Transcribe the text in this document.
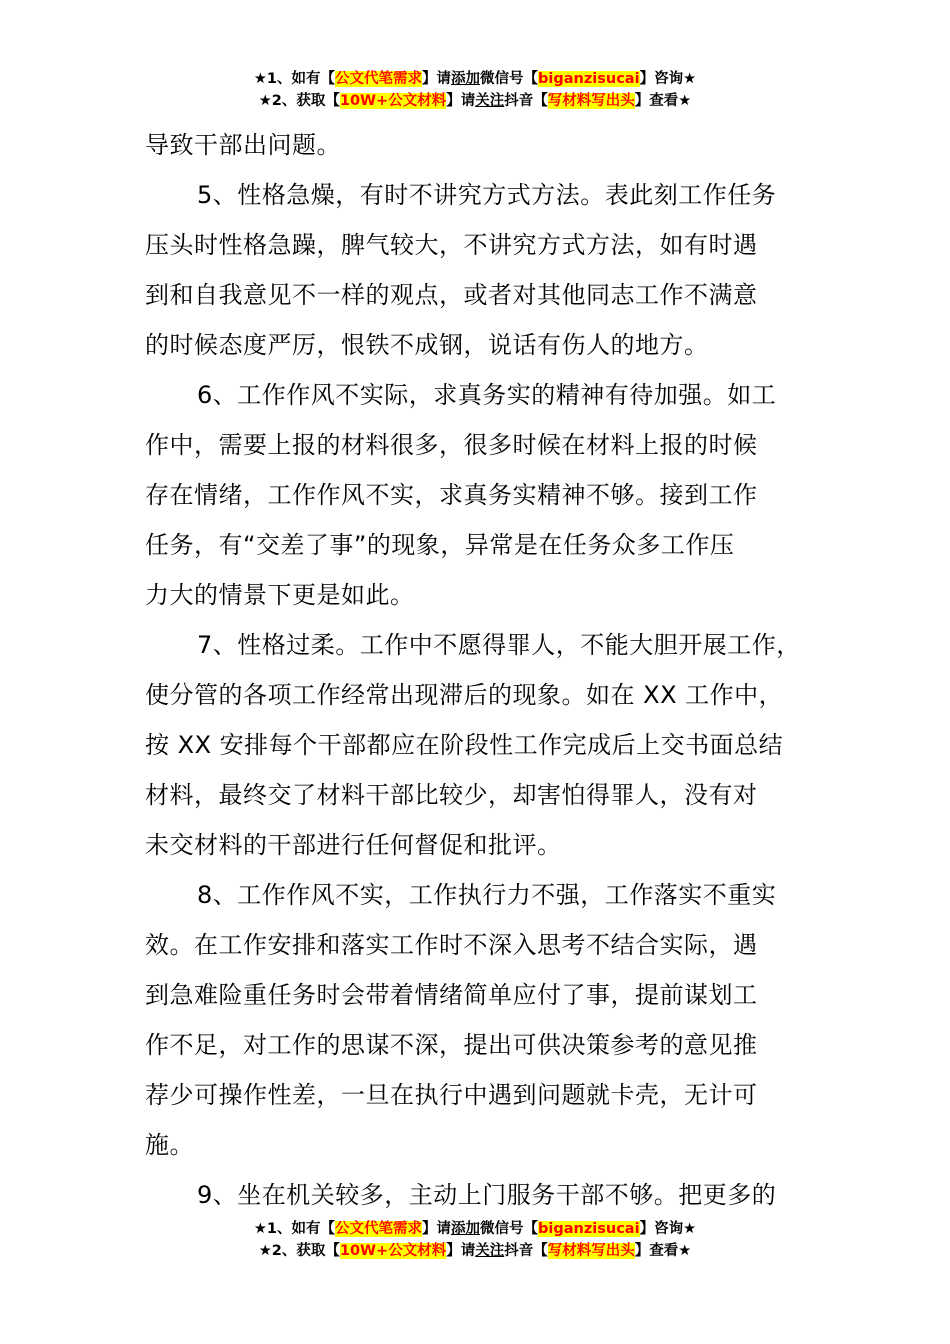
★1、如有【公文代笔需求】请添加微信号【biganzisucai】咨询★
★2、获取【10W+公文材料】请关注抖音【写材料写出头】查看★

导致干部出问题。

5、性格急燥，有时不讲究方式方法。表此刻工作任务
压头时性格急躁，脾气较大，不讲究方式方法，如有时遇
到和自我意见不一样的观点，或者对其他同志工作不满意
的时候态度严厉，恨铁不成钢，说话有伤人的地方。

6、工作作风不实际，求真务实的精神有待加强。如工
作中，需要上报的材料很多，很多时候在材料上报的时候
存在情绪，工作作风不实，求真务实精神不够。接到工作
任务，有“交差了事”的现象，异常是在任务众多工作压
力大的情景下更是如此。

7、性格过柔。工作中不愿得罪人，不能大胆开展工作，
使分管的各项工作经常出现滞后的现象。如在 XX 工作中，
按 XX 安排每个干部都应在阶段性工作完成后上交书面总结
材料，最终交了材料干部比较少，却害怕得罪人，没有对
未交材料的干部进行任何督促和批评。

8、工作作风不实，工作执行力不强，工作落实不重实
效。在工作安排和落实工作时不深入思考不结合实际，遇
到急难险重任务时会带着情绪简单应付了事，提前谋划工
作不足，对工作的思谋不深，提出可供决策参考的意见推
荐少可操作性差，一旦在执行中遇到问题就卡壳，无计可
施。

9、坐在机关较多，主动上门服务干部不够。把更多的

★1、如有【公文代笔需求】请添加微信号【biganzisucai】咨询★
★2、获取【10W+公文材料】请关注抖音【写材料写出头】查看★
